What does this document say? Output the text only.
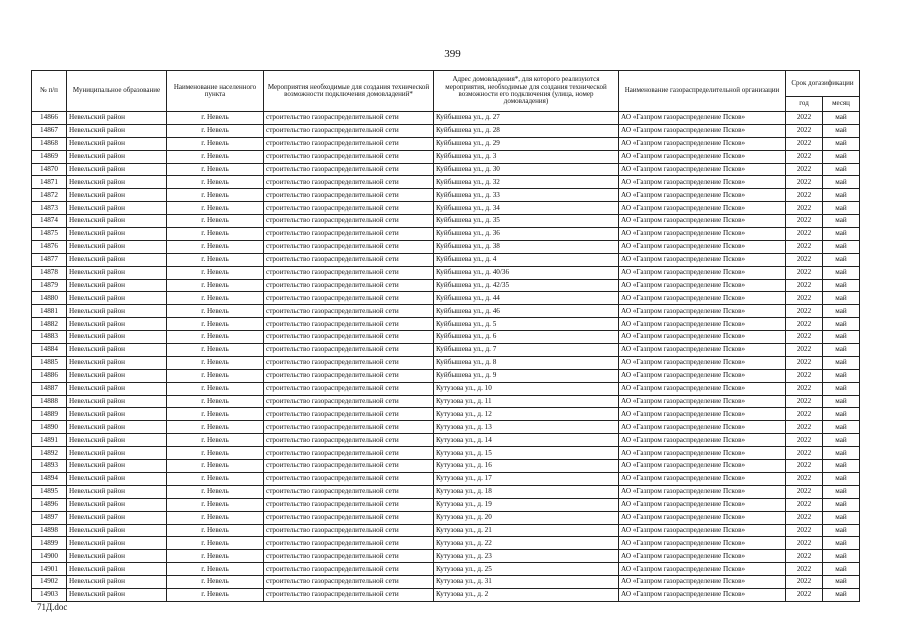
399
№ п/п	Муниципальное образование	Наименование населенного пункта	Мероприятия необходимые для создания технической возможности подключения домовладений*	Адрес домовладения*, для которого реализуются мероприятия, необходимые для создания технической возможности его подключения (улица, номер домовладения)	Наименование газораспределительной организации	Срок догазификации	
						год	месяц
14866	Невельский район	г. Невель	строительство газораспределительной сети	Куйбышева ул., д. 27	АО «Газпром газораспределение Псков»	2022	май
14867	Невельский район	г. Невель	строительство газораспределительной сети	Куйбышева ул., д. 28	АО «Газпром газораспределение Псков»	2022	май
14868	Невельский район	г. Невель	строительство газораспределительной сети	Куйбышева ул., д. 29	АО «Газпром газораспределение Псков»	2022	май
14869	Невельский район	г. Невель	строительство газораспределительной сети	Куйбышева ул., д. 3	АО «Газпром газораспределение Псков»	2022	май
14870	Невельский район	г. Невель	строительство газораспределительной сети	Куйбышева ул., д. 30	АО «Газпром газораспределение Псков»	2022	май
14871	Невельский район	г. Невель	строительство газораспределительной сети	Куйбышева ул., д. 32	АО «Газпром газораспределение Псков»	2022	май
14872	Невельский район	г. Невель	строительство газораспределительной сети	Куйбышева ул., д. 33	АО «Газпром газораспределение Псков»	2022	май
14873	Невельский район	г. Невель	строительство газораспределительной сети	Куйбышева ул., д. 34	АО «Газпром газораспределение Псков»	2022	май
14874	Невельский район	г. Невель	строительство газораспределительной сети	Куйбышева ул., д. 35	АО «Газпром газораспределение Псков»	2022	май
14875	Невельский район	г. Невель	строительство газораспределительной сети	Куйбышева ул., д. 36	АО «Газпром газораспределение Псков»	2022	май
14876	Невельский район	г. Невель	строительство газораспределительной сети	Куйбышева ул., д. 38	АО «Газпром газораспределение Псков»	2022	май
14877	Невельский район	г. Невель	строительство газораспределительной сети	Куйбышева ул., д. 4	АО «Газпром газораспределение Псков»	2022	май
14878	Невельский район	г. Невель	строительство газораспределительной сети	Куйбышева ул., д. 40/36	АО «Газпром газораспределение Псков»	2022	май
14879	Невельский район	г. Невель	строительство газораспределительной сети	Куйбышева ул., д. 42/35	АО «Газпром газораспределение Псков»	2022	май
14880	Невельский район	г. Невель	строительство газораспределительной сети	Куйбышева ул., д. 44	АО «Газпром газораспределение Псков»	2022	май
14881	Невельский район	г. Невель	строительство газораспределительной сети	Куйбышева ул., д. 46	АО «Газпром газораспределение Псков»	2022	май
14882	Невельский район	г. Невель	строительство газораспределительной сети	Куйбышева ул., д. 5	АО «Газпром газораспределение Псков»	2022	май
14883	Невельский район	г. Невель	строительство газораспределительной сети	Куйбышева ул., д. 6	АО «Газпром газораспределение Псков»	2022	май
14884	Невельский район	г. Невель	строительство газораспределительной сети	Куйбышева ул., д. 7	АО «Газпром газораспределение Псков»	2022	май
14885	Невельский район	г. Невель	строительство газораспределительной сети	Куйбышева ул., д. 8	АО «Газпром газораспределение Псков»	2022	май
14886	Невельский район	г. Невель	строительство газораспределительной сети	Куйбышева ул., д. 9	АО «Газпром газораспределение Псков»	2022	май
14887	Невельский район	г. Невель	строительство газораспределительной сети	Кутузова ул., д. 10	АО «Газпром газораспределение Псков»	2022	май
14888	Невельский район	г. Невель	строительство газораспределительной сети	Кутузова ул., д. 11	АО «Газпром газораспределение Псков»	2022	май
14889	Невельский район	г. Невель	строительство газораспределительной сети	Кутузова ул., д. 12	АО «Газпром газораспределение Псков»	2022	май
14890	Невельский район	г. Невель	строительство газораспределительной сети	Кутузова ул., д. 13	АО «Газпром газораспределение Псков»	2022	май
14891	Невельский район	г. Невель	строительство газораспределительной сети	Кутузова ул., д. 14	АО «Газпром газораспределение Псков»	2022	май
14892	Невельский район	г. Невель	строительство газораспределительной сети	Кутузова ул., д. 15	АО «Газпром газораспределение Псков»	2022	май
14893	Невельский район	г. Невель	строительство газораспределительной сети	Кутузова ул., д. 16	АО «Газпром газораспределение Псков»	2022	май
14894	Невельский район	г. Невель	строительство газораспределительной сети	Кутузова ул., д. 17	АО «Газпром газораспределение Псков»	2022	май
14895	Невельский район	г. Невель	строительство газораспределительной сети	Кутузова ул., д. 18	АО «Газпром газораспределение Псков»	2022	май
14896	Невельский район	г. Невель	строительство газораспределительной сети	Кутузова ул., д. 19	АО «Газпром газораспределение Псков»	2022	май
14897	Невельский район	г. Невель	строительство газораспределительной сети	Кутузова ул., д. 20	АО «Газпром газораспределение Псков»	2022	май
14898	Невельский район	г. Невель	строительство газораспределительной сети	Кутузова ул., д. 21	АО «Газпром газораспределение Псков»	2022	май
14899	Невельский район	г. Невель	строительство газораспределительной сети	Кутузова ул., д. 22	АО «Газпром газораспределение Псков»	2022	май
14900	Невельский район	г. Невель	строительство газораспределительной сети	Кутузова ул., д. 23	АО «Газпром газораспределение Псков»	2022	май
14901	Невельский район	г. Невель	строительство газораспределительной сети	Кутузова ул., д. 25	АО «Газпром газораспределение Псков»	2022	май
14902	Невельский район	г. Невель	строительство газораспределительной сети	Кутузова ул., д. 31	АО «Газпром газораспределение Псков»	2022	май
14903	Невельский район	г. Невель	строительство газораспределительной сети	Кутузова ул., д. 2	АО «Газпром газораспределение Псков»	2022	май
71Д.doc
